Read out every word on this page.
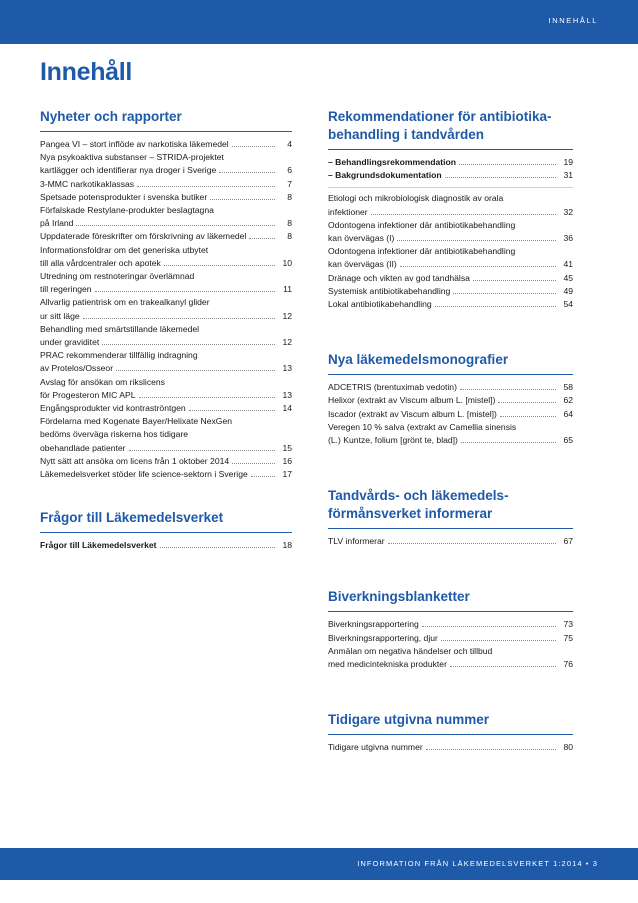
INNEHÅLL
Innehåll
Nyheter och rapporter
Pangea VI – stort inflöde av narkotiska läkemedel	4
Nya psykoaktiva substanser – STRIDA-projektet
kartlägger och identifierar nya droger i Sverige	6
3-MMC narkotikaklassas	7
Spetsade potensprodukter i svenska butiker	8
Förfalskade Restylane-produkter beslagtagna
på Irland	8
Uppdaterade föreskrifter om förskrivning av läkemedel	8
Informationsfoldrar om det generiska utbytet
till alla vårdcentraler och apotek	10
Utredning om restnoteringar överlämnad
till regeringen	11
Allvarlig patientrisk om en trakealkanyl glider
ur sitt läge	12
Behandling med smärtstillande läkemedel
under graviditet	12
PRAC rekommenderar tillfällig indragning
av Protelos/Osseor	13
Avslag för ansökan om rikslicens
för Progesteron MIC APL	13
Engångsprodukter vid kontraströntgen	14
Fördelarna med Kogenate Bayer/Helixate NexGen
bedöms överväga riskerna hos tidigare
obehandlade patienter	15
Nytt sätt att ansöka om licens från 1 oktober 2014	16
Läkemedelsverket stöder life science-sektorn i Sverige	17
Frågor till Läkemedelsverket
Frågor till Läkemedelsverket	18
Rekommendationer för antibiotika-
behandling i tandvården
– Behandlingsrekommendation	19
– Bakgrundsdokumentation	31
Etiologi och mikrobiologisk diagnostik av orala
infektioner	32
Odontogena infektioner där antibiotikabehandling
kan övervägas (I)	36
Odontogena infektioner där antibiotikabehandling
kan övervägas (II)	41
Dränage och vikten av god tandhälsa	45
Systemisk antibiotikabehandling	49
Lokal antibiotikabehandling	54
Nya läkemedelsmonografier
ADCETRIS (brentuximab vedotin)	58
Helixor (extrakt av Viscum album L. [mistel])	62
Iscador (extrakt av Viscum album L. [mistel])	64
Veregen 10 % salva (extrakt av Camellia sinensis
(L.) Kuntze, folium [grönt te, blad])	65
Tandvårds- och läkemedels-
förmånsverket informerar
TLV informerar	67
Biverkningsblanketter
Biverkningsrapportering	73
Biverkningsrapportering, djur	75
Anmälan om negativa händelser och tillbud
med medicintekniska produkter	76
Tidigare utgivna nummer
Tidigare utgivna nummer	80
INFORMATION FRÅN LÄKEMEDELSVERKET 1:2014 • 3
